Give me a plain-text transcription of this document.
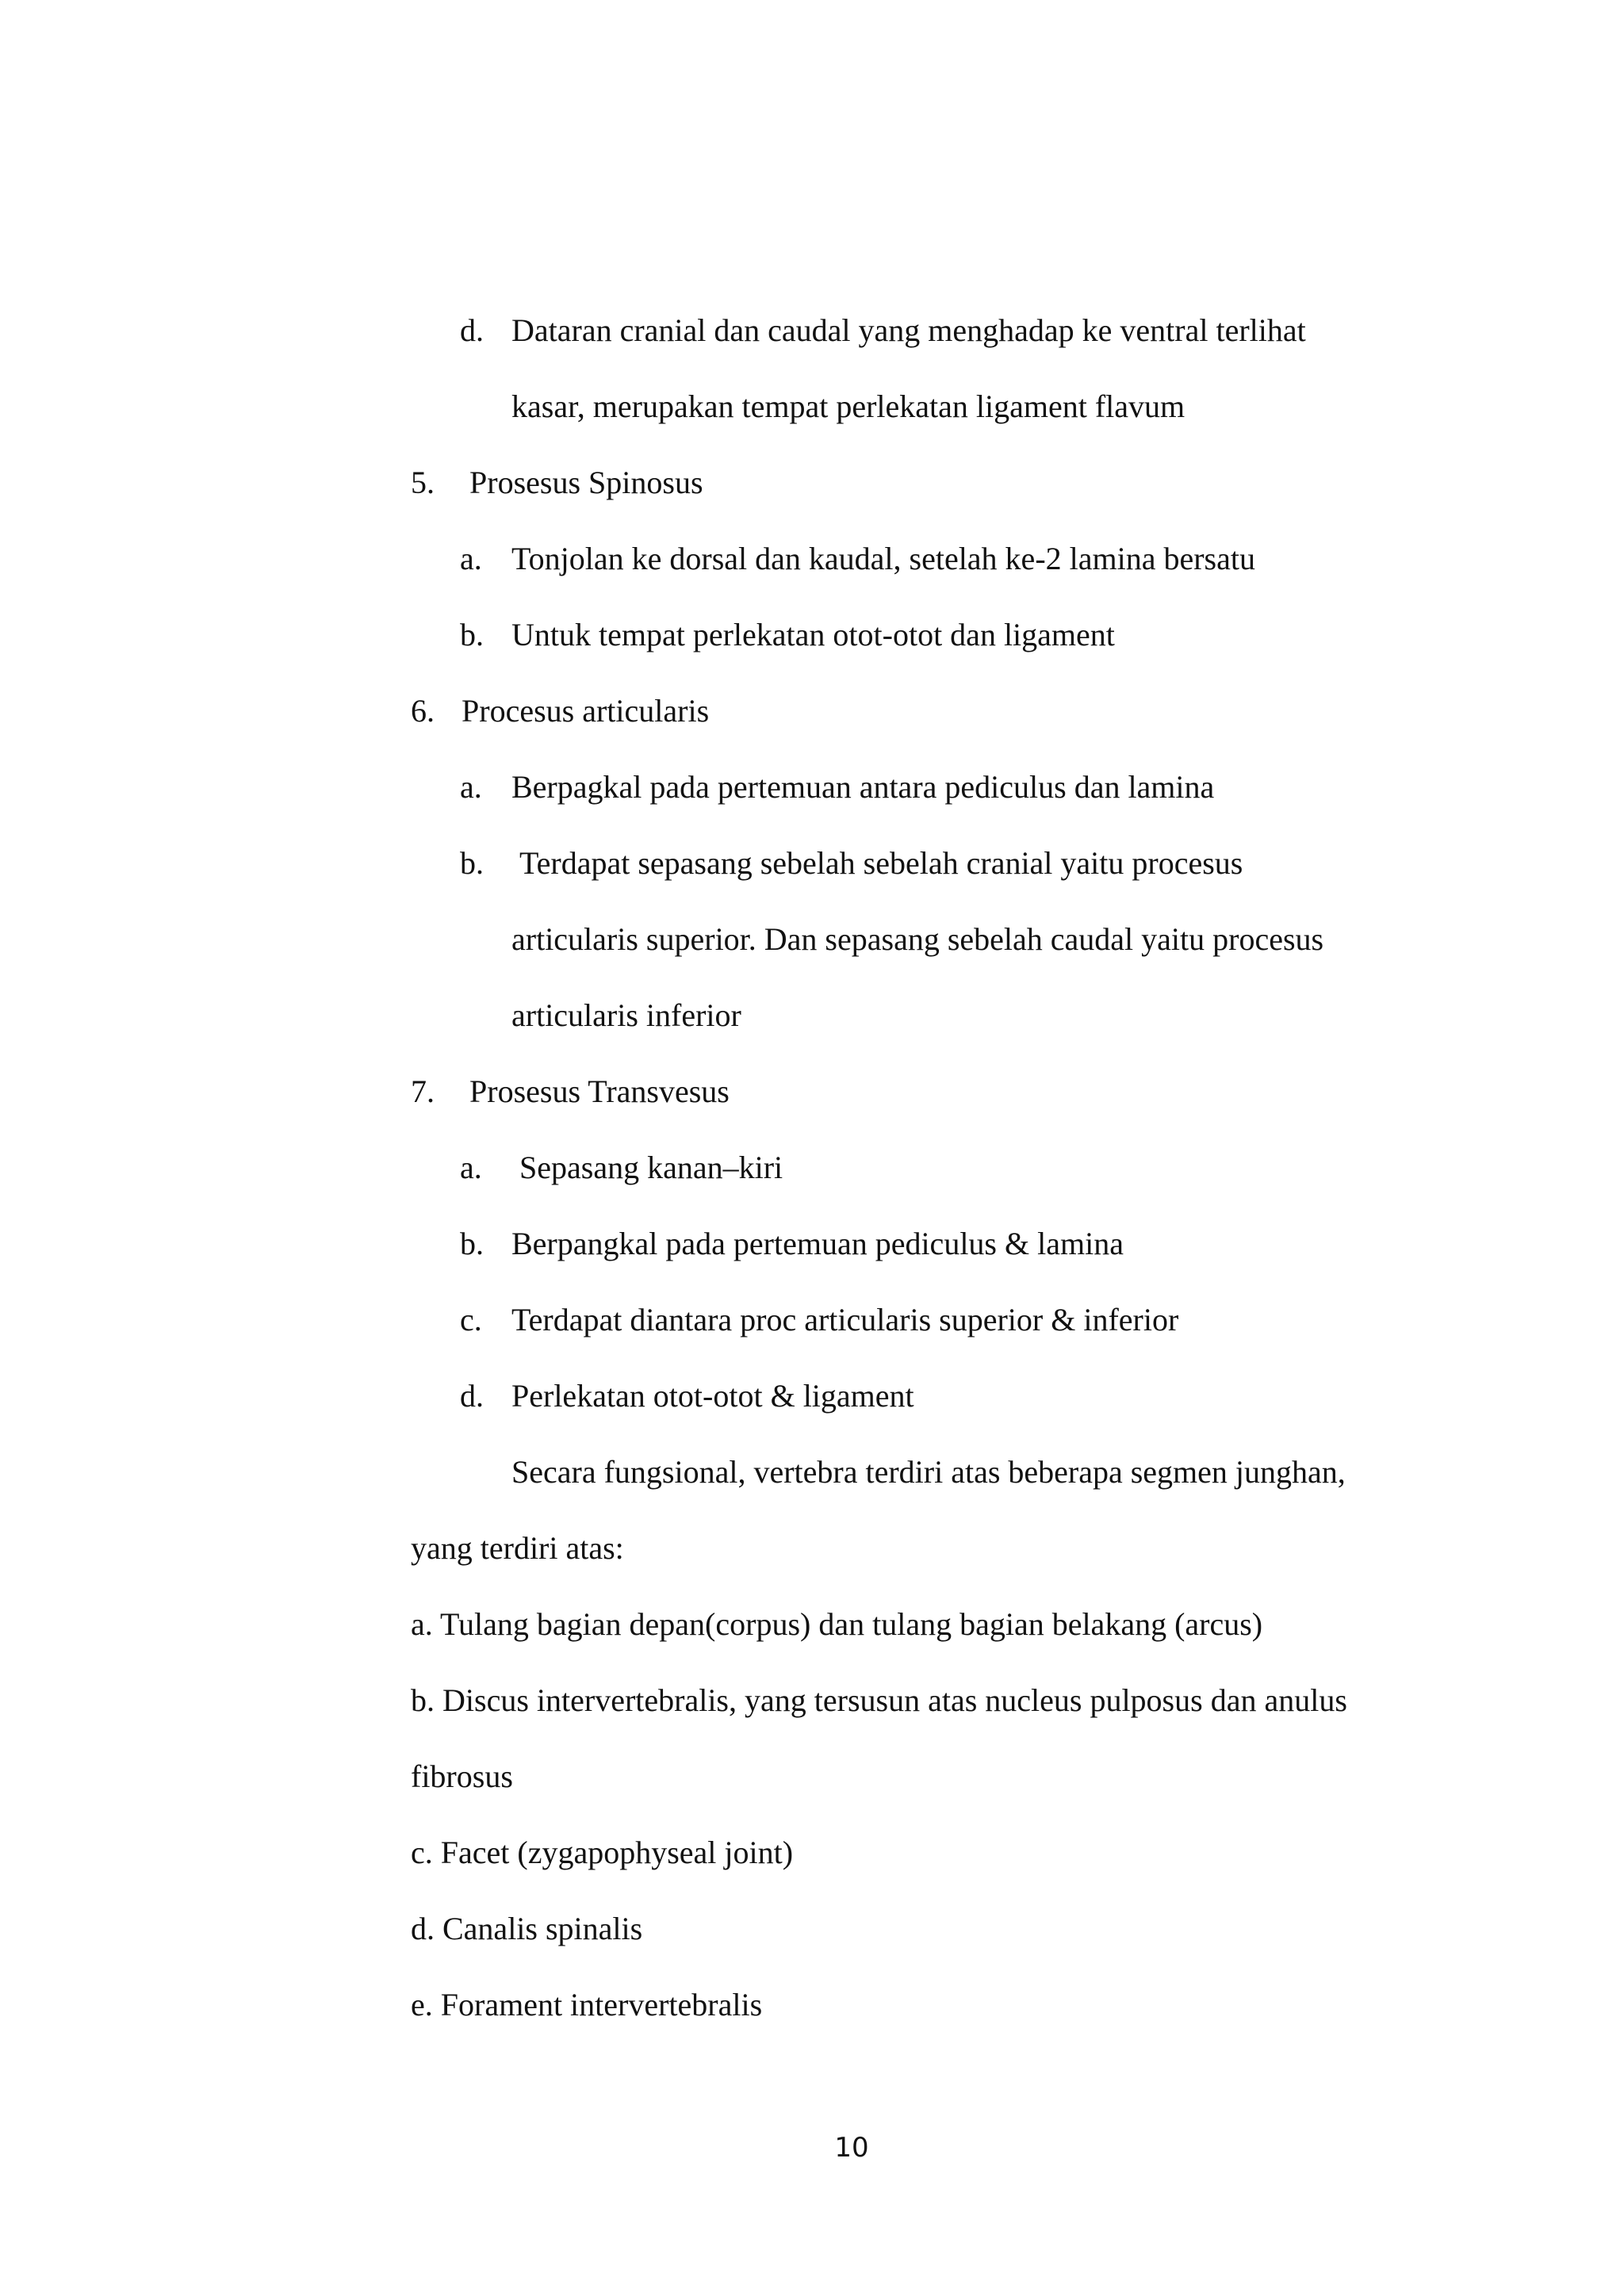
d. Dataran cranial dan caudal yang menghadap ke ventral terlihat
kasar, merupakan tempat perlekatan ligament flavum
5. Prosesus Spinosus
a. Tonjolan ke dorsal dan kaudal, setelah ke-2 lamina bersatu
b. Untuk tempat perlekatan otot-otot dan ligament
6. Procesus articularis
a. Berpagkal pada pertemuan antara pediculus dan lamina
b. Terdapat sepasang sebelah sebelah cranial yaitu procesus
articularis superior. Dan sepasang sebelah caudal yaitu procesus
articularis inferior
7. Prosesus Transvesus
a. Sepasang kanan–kiri
b. Berpangkal pada pertemuan pediculus & lamina
c. Terdapat diantara proc articularis superior & inferior
d. Perlekatan otot-otot & ligament
Secara fungsional, vertebra terdiri atas beberapa segmen junghan,
yang terdiri atas:
a. Tulang bagian depan(corpus) dan tulang bagian belakang (arcus)
b. Discus intervertebralis, yang tersusun atas nucleus pulposus dan anulus
fibrosus
c. Facet (zygapophyseal joint)
d. Canalis spinalis
e. Forament intervertebralis
10
